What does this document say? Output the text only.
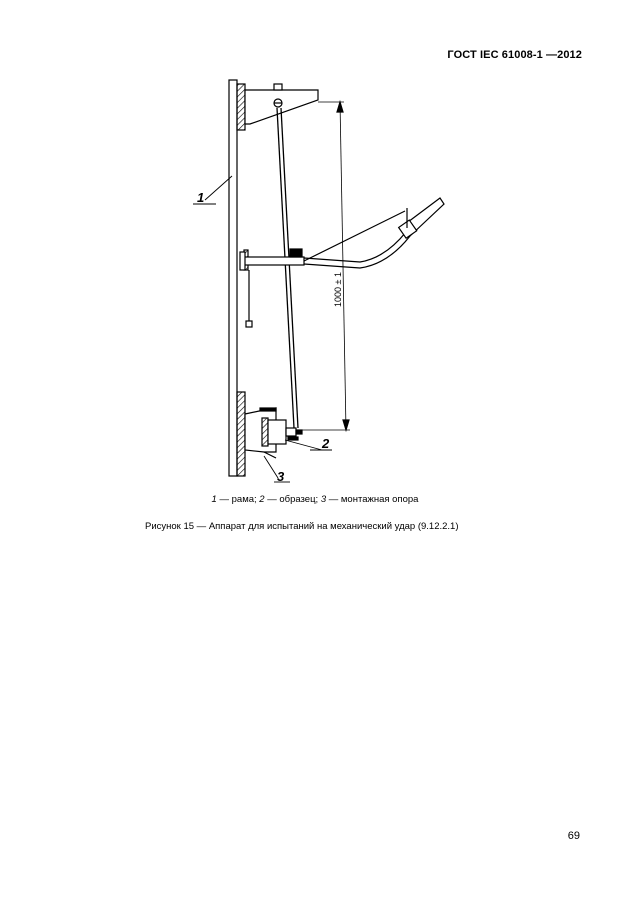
ГОСТ IEC 61008-1 —2012
1
2
3
1000 ± 1
1 — рама; 2 — образец; 3 — монтажная опора
Рисунок 15 — Аппарат для испытаний на механический удар (9.12.2.1)
69
